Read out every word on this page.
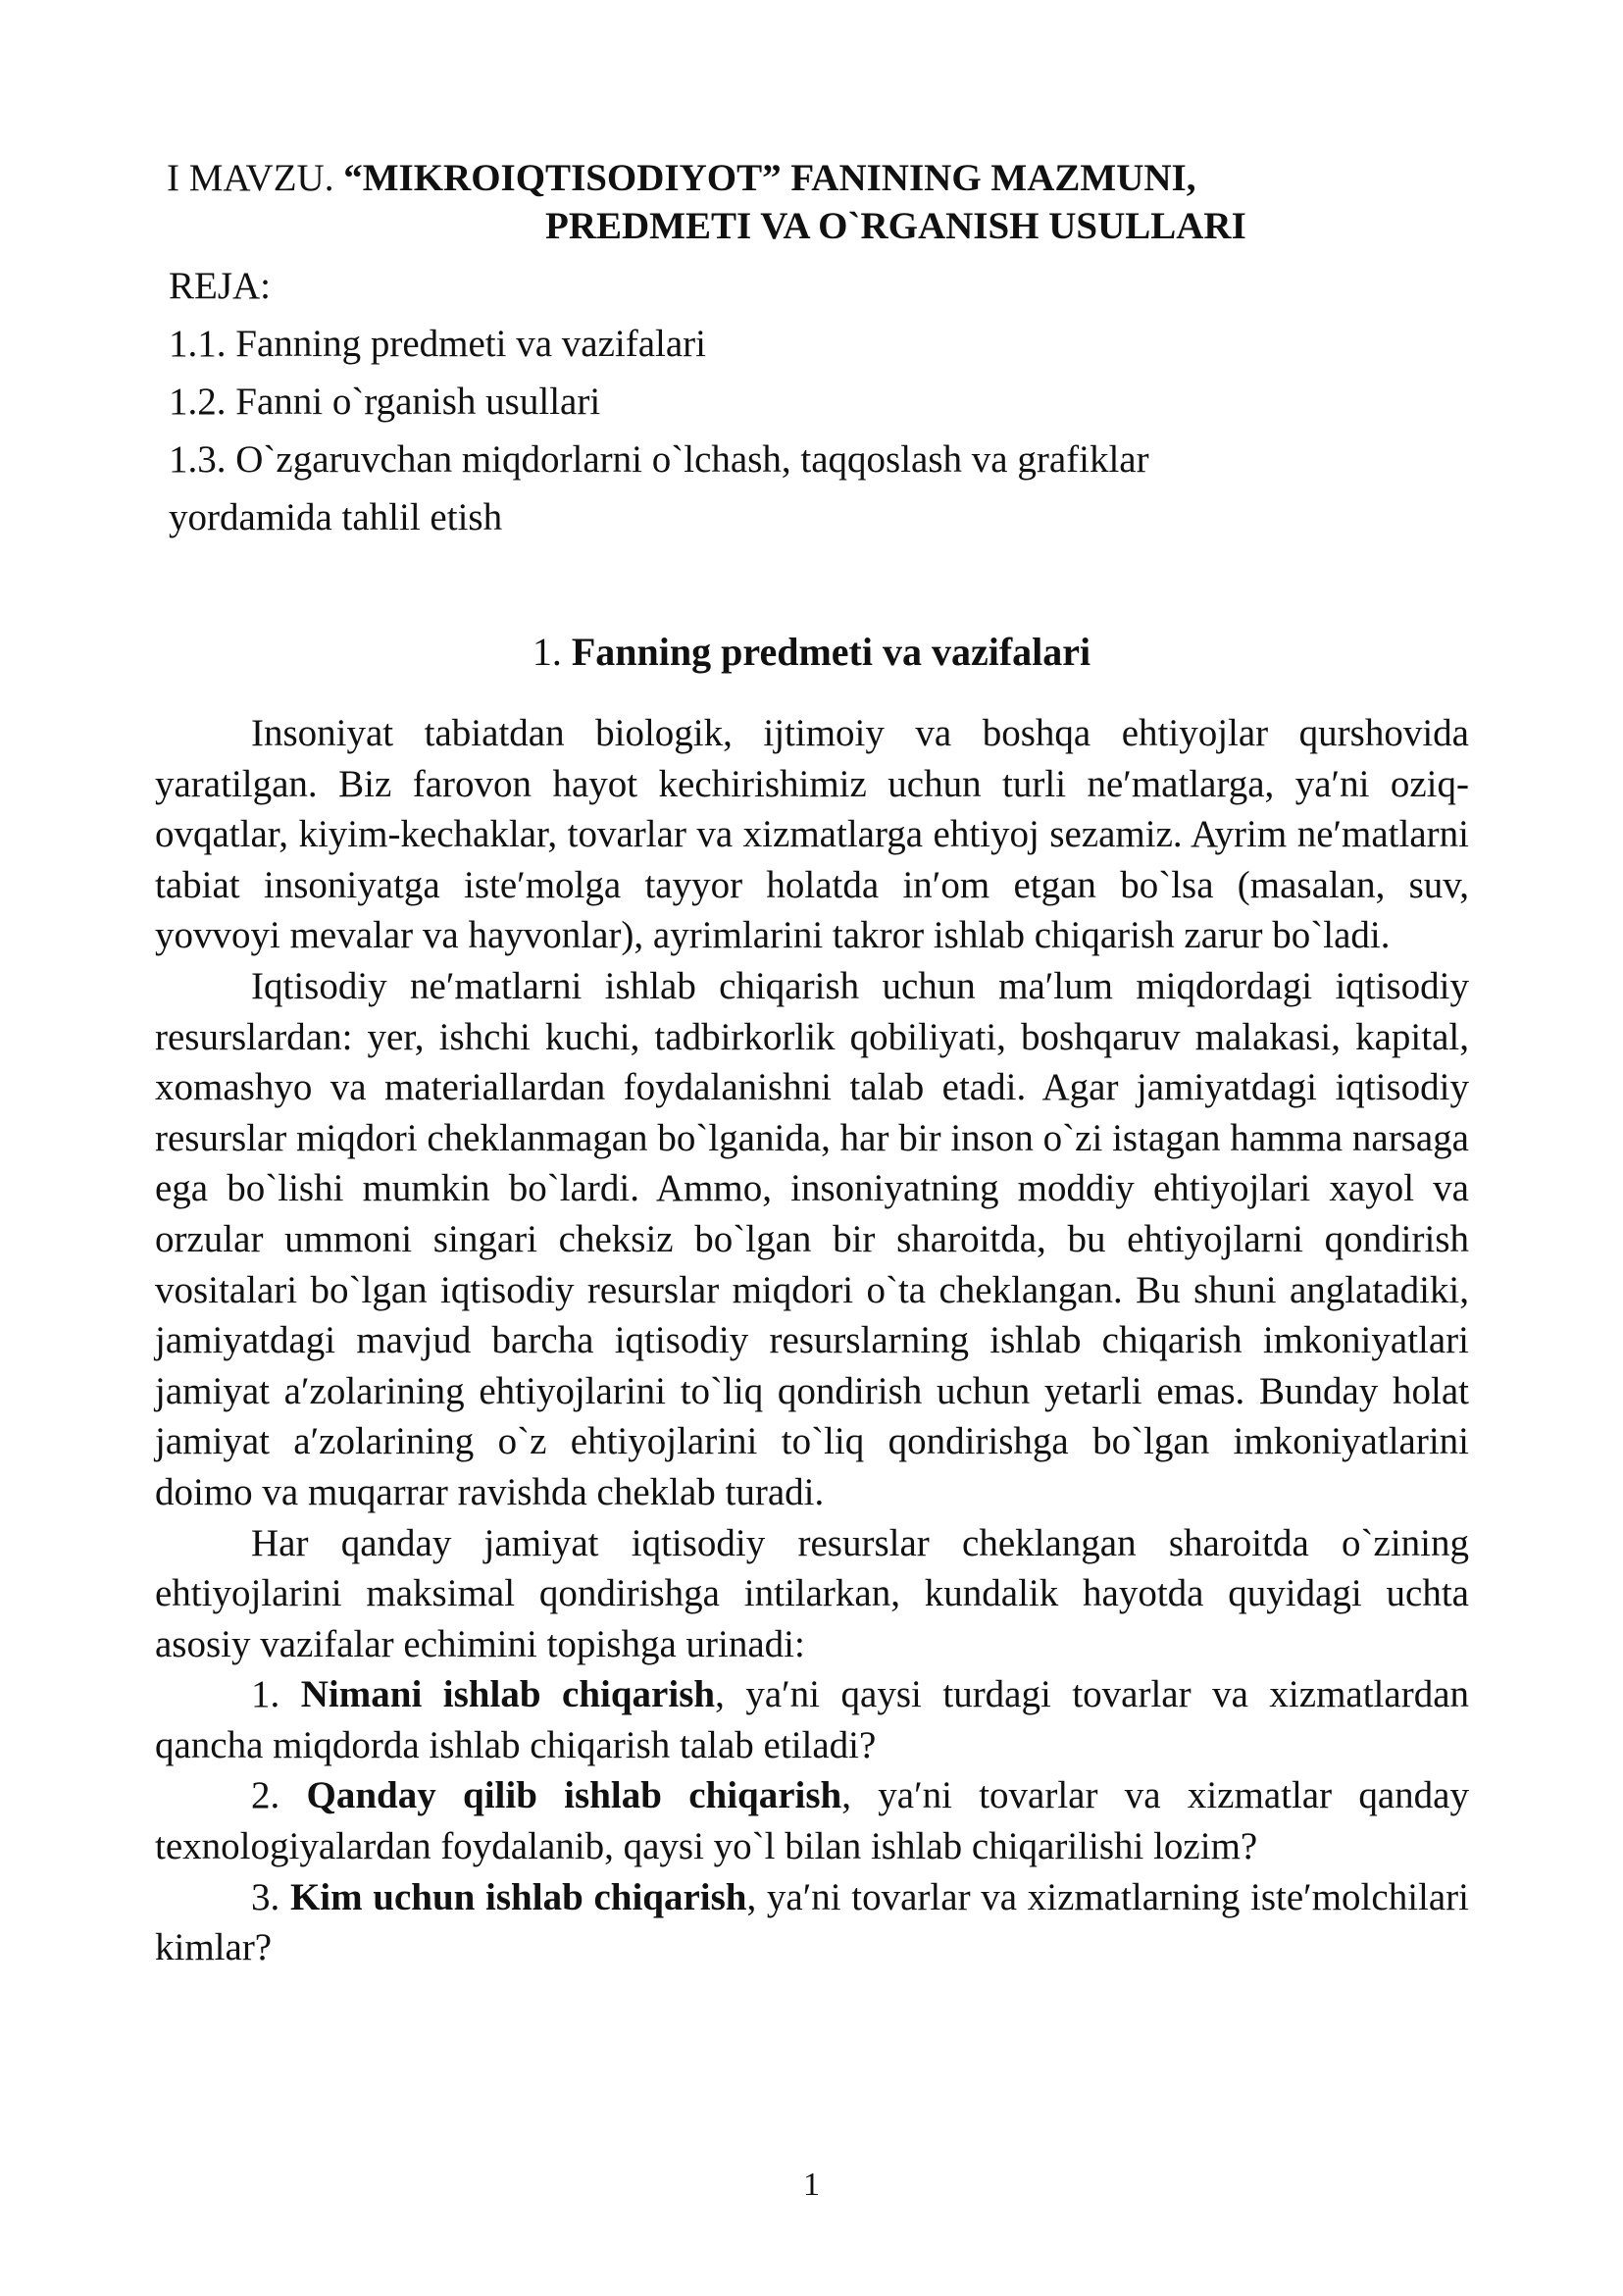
I MAVZU. “MIKROIQTISODIYOT” FANINING MAZMUNI,
PREDMETI VA O`RGANISH USULLARI
REJA:
1.1. Fanning predmeti va vazifalari
1.2. Fanni o`rganish usullari
1.3. O`zgaruvchan miqdorlarni o`lchash, taqqoslash va grafiklar
yordamida tahlil etish
1. Fanning predmeti va vazifalari

Insoniyat tabiatdan biologik, ijtimoiy va boshqa ehtiyojlar qurshovida yaratilgan. Biz farovon hayot kechirishimiz uchun turli ne′matlarga, ya′ni oziq-ovqatlar, kiyim-kechaklar, tovarlar va xizmatlarga ehtiyoj sezamiz. Ayrim ne′matlarni tabiat insoniyatga iste′molga tayyor holatda in′om etgan bo`lsa (masalan, suv, yovvoyi mevalar va hayvonlar), ayrimlarini takror ishlab chiqarish zarur bo`ladi.

Iqtisodiy ne′matlarni ishlab chiqarish uchun ma′lum miqdordagi iqtisodiy resurslardan: yer, ishchi kuchi, tadbirkorlik qobiliyati, boshqaruv malakasi, kapital, xomashyo va materiallardan foydalanishni talab etadi. Agar jamiyatdagi iqtisodiy resurslar miqdori cheklanmagan bo`lganida, har bir inson o`zi istagan hamma narsaga ega bo`lishi mumkin bo`lardi. Ammo, insoniyatning moddiy ehtiyojlari xayol va orzular ummoni singari cheksiz bo`lgan bir sharoitda, bu ehtiyojlarni qondirish vositalari bo`lgan iqtisodiy resurslar miqdori o`ta cheklangan. Bu shuni anglatadiki, jamiyatdagi mavjud barcha iqtisodiy resurslarning ishlab chiqarish imkoniyatlari jamiyat a′zolarining ehtiyojlarini to`liq qondirish uchun yetarli emas. Bunday holat jamiyat a′zolarining o`z ehtiyojlarini to`liq qondirishga bo`lgan imkoniyatlarini doimo va muqarrar ravishda cheklab turadi.

Har qanday jamiyat iqtisodiy resurslar cheklangan sharoitda o`zining ehtiyojlarini maksimal qondirishga intilarkan, kundalik hayotda quyidagi uchta asosiy vazifalar echimini topishga urinadi:

1. Nimani ishlab chiqarish, ya′ni qaysi turdagi tovarlar va xizmatlardan qancha miqdorda ishlab chiqarish talab etiladi?

2. Qanday qilib ishlab chiqarish, ya′ni tovarlar va xizmatlar qanday texnologiyalardan foydalanib, qaysi yo`l bilan ishlab chiqarilishi lozim?

3. Kim uchun ishlab chiqarish, ya′ni tovarlar va xizmatlarning iste′molchilari kimlar?

1
